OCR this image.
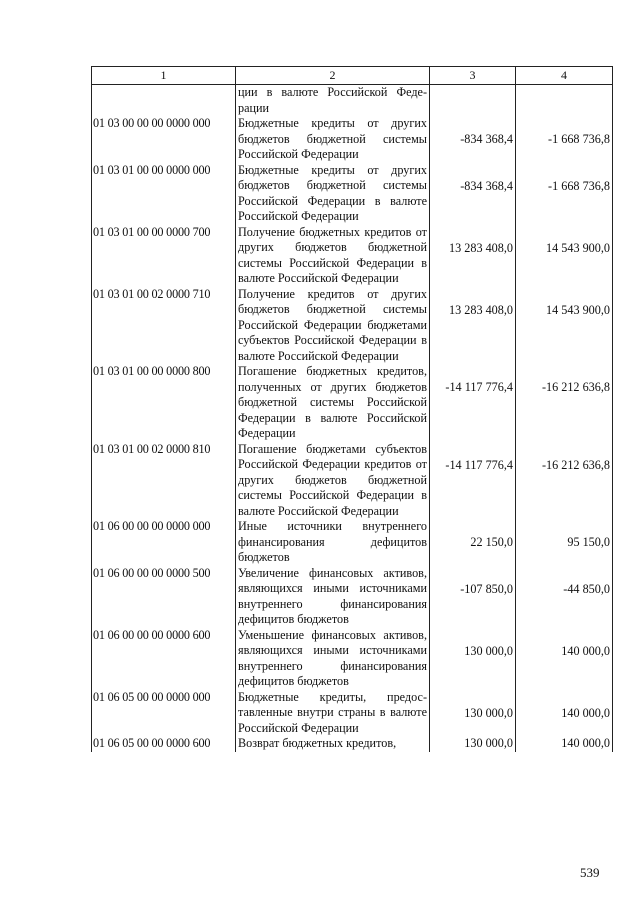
1	2	3	4
	ции в валюте Российской Федерации		
01 03 00 00 00 0000 000	Бюджетные кредиты от других бюджетов бюджетной системы Российской Федерации	-834 368,4	-1 668 736,8
01 03 01 00 00 0000 000	Бюджетные кредиты от других бюджетов бюджетной системы Российской Федерации в валюте Российской Федерации	-834 368,4	-1 668 736,8
01 03 01 00 00 0000 700	Получение бюджетных кредитов от других бюджетов бюджетной системы Российской Федерации в валюте Российской Федерации	13 283 408,0	14 543 900,0
01 03 01 00 02 0000 710	Получение кредитов от других бюджетов бюджетной системы Российской Федерации бюджетами субъектов Российской Федерации в валюте Российской Федерации	13 283 408,0	14 543 900,0
01 03 01 00 00 0000 800	Погашение бюджетных кредитов, полученных от других бюджетов бюджетной системы Российской Федерации в валюте Российской Федерации	-14 117 776,4	-16 212 636,8
01 03 01 00 02 0000 810	Погашение бюджетами субъектов Российской Федерации кредитов от других бюджетов бюджетной системы Российской Федерации в валюте Российской Федерации	-14 117 776,4	-16 212 636,8
01 06 00 00 00 0000 000	Иные источники внутреннего финансирования дефицитов бюджетов	22 150,0	95 150,0
01 06 00 00 00 0000 500	Увеличение финансовых активов, являющихся иными источниками внутреннего финансирования дефицитов бюджетов	-107 850,0	-44 850,0
01 06 00 00 00 0000 600	Уменьшение финансовых активов, являющихся иными источниками внутреннего финансирования дефицитов бюджетов	130 000,0	140 000,0
01 06 05 00 00 0000 000	Бюджетные кредиты, предоставленные внутри страны в валюте Российской Федерации	130 000,0	140 000,0
01 06 05 00 00 0000 600	Возврат бюджетных кредитов,	130 000,0	140 000,0
539
